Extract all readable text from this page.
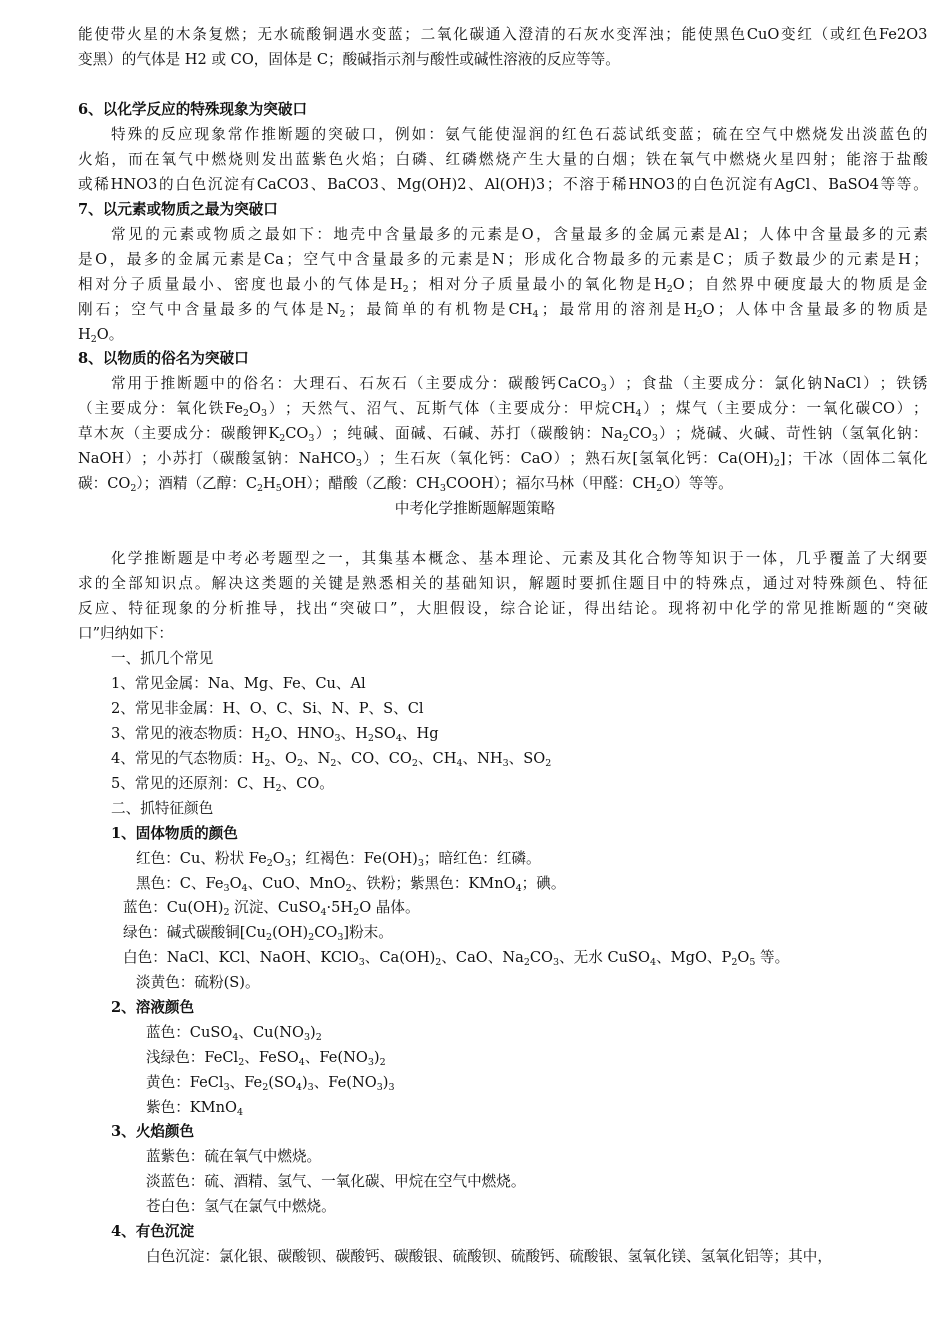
能 使 带 火 星 的 木 条 复 燃 ； 无 水 硫 酸 铜 遇 水 变 蓝 ； 二 氧 化 碳 通 入 澄 清 的 石 灰 水 变 浑 浊 ； 能 使 黑 色 CuO 变 红 （ 或 红 色 Fe2O3
变黑）的气体是 H2 或 CO，固体是 C；酸碱指示剂与酸性或碱性溶液的反应等等。
6、以化学反应的特殊现象为突破口
特 殊 的 反 应 现 象 常 作 推 断 题 的 突 破 口 ， 例 如 ： 氨 气 能 使 湿 润 的 红 色 石 蕊 试 纸 变 蓝 ； 硫 在 空 气 中 燃 烧 发 出 淡 蓝 色 的
火 焰 ， 而 在 氧 气 中 燃 烧 则 发 出 蓝 紫 色 火 焰 ； 白 磷 、 红 磷 燃 烧 产 生 大 量 的 白 烟 ； 铁 在 氧 气 中 燃 烧 火 星 四 射 ； 能 溶 于 盐 酸
或 稀 HNO3 的 白 色 沉 淀 有 CaCO3 、 BaCO3 、 Mg(OH)2 、 Al(OH)3 ； 不 溶 于 稀 HNO3 的 白 色 沉 淀 有 AgCl 、 BaSO4 等 等 。
7、以元素或物质之最为突破口
常 见 的 元 素 或 物 质 之 最 如 下 ： 地 壳 中 含 量 最 多 的 元 素 是 O ， 含 量 最 多 的 金 属 元 素 是 Al ； 人 体 中 含 量 最 多 的 元 素
是 O ， 最 多 的 金 属 元 素 是 Ca ； 空 气 中 含 量 最 多 的 元 素 是 N ； 形 成 化 合 物 最 多 的 元 素 是 C ； 质 子 数 最 少 的 元 素 是 H ；
相 对 分 子 质 量 最 小 、 密 度 也 最 小 的 气 体 是 $H_2$ ； 相 对 分 子 质 量 最 小 的 氧 化 物 是 $H_2O$ ； 自 然 界 中 硬 度 最 大 的 物 质 是 金
刚 石 ； 空 气 中 含 量 最 多 的 气 体 是 $N_2$ ； 最 简 单 的 有 机 物 是 $CH_4$ ； 最 常 用 的 溶 剂 是 $H_2O$ ； 人 体 中 含 量 最 多 的 物 质 是
$H_2O$。
8、以物质的俗名为突破口
常 用 于 推 断 题 中 的 俗 名 ： 大 理 石 、 石 灰 石 （ 主 要 成 分 ： 碳 酸 钙 CaCO$_3$ ） ； 食 盐 （ 主 要 成 分 ： 氯 化 钠 NaCl ） ； 铁 锈
（ 主 要 成 分 ： 氧 化 铁 $Fe_2O_3$ ） ； 天 然 气 、 沼 气 、 瓦 斯 气 体 （ 主 要 成 分 ： 甲 烷 $CH_4$ ） ； 煤 气 （ 主 要 成 分 ： 一 氧 化 碳 CO ） ；
草 木 灰 （ 主 要 成 分 ： 碳 酸 钾 $K_2CO_3$ ） ； 纯 碱 、 面 碱 、 石 碱 、 苏 打 （ 碳 酸 钠 ： $Na_2CO_3$ ） ； 烧 碱 、 火 碱 、 苛 性 钠 （ 氢 氧 化 钠 ：
NaOH ） ； 小 苏 打 （ 碳 酸 氢 钠 ： NaHCO$_3$ ） ； 生 石 灰 （ 氧 化 钙 ： CaO ） ； 熟 石 灰 [ 氢 氧 化 钙 ： $Ca(OH)_2$] ； 干 冰 （ 固 体 二 氧 化
碳：$CO_2$）；酒精（乙醇：$C_2H_5OH$）；醋酸（乙酸：$CH_3COOH$）；福尔马林（甲醛：$CH_2O$）等等。
中考化学推断题解题策略
化 学 推 断 题 是 中 考 必 考 题 型 之 一 ， 其 集 基 本 概 念 、 基 本 理 论 、 元 素 及 其 化 合 物 等 知 识 于 一 体 ， 几 乎 覆 盖 了 大 纲 要
求 的 全 部 知 识 点 。 解 决 这 类 题 的 关 键 是 熟 悉 相 关 的 基 础 知 识 ， 解 题 时 要 抓 住 题 目 中 的 特 殊 点 ， 通 过 对 特 殊 颜 色 、 特 征
反 应 、 特 征 现 象 的 分 析 推 导 ， 找 出 “ 突 破 口 ” ， 大 胆 假 设 ， 综 合 论 证 ， 得 出 结 论 。 现 将 初 中 化 学 的 常 见 推 断 题 的 “ 突 破
口”归纳如下：
一、抓几个常见
1、常见金属：Na、Mg、Fe、Cu、Al
2、常见非金属：H、O、C、Si、N、P、S、Cl
3、常见的液态物质：$H_2O$、$HNO_3$、$H_2SO_4$、Hg
4、常见的气态物质：$H_2$、$O_2$、$N_2$、CO、$CO_2$、$CH_4$、$NH_3$、$SO_2$
5、常见的还原剂：C、$H_2$、CO。
二、抓特征颜色
1、固体物质的颜色
红色：Cu、粉状 $Fe_2O_3$；红褐色：$Fe(OH)_3$；暗红色：红磷。
黑色：C、$Fe_3O_4$、CuO、MnO$_2$、铁粉；紫黑色：KMnO$_4$；碘。
蓝色：$Cu(OH)_2$ 沉淀、$CuSO_4\cdot 5H_2O$ 晶体。
绿色：碱式碳酸铜$[Cu_2(OH)_2CO_3]$粉末。
白色：NaCl、KCl、NaOH、KClO$_3$、$Ca(OH)_2$、CaO、$Na_2CO_3$、无水 CuSO$_4$、MgO、$P_2O_5$ 等。
淡黄色：硫粉(S)。
2、溶液颜色
蓝色：CuSO$_4$、$Cu(NO_3)_2$
浅绿色：FeCl$_2$、FeSO$_4$、$Fe(NO_3)_2$
黄色：FeCl$_3$、$Fe_2(SO_4)_3$、$Fe(NO_3)_3$
紫色：KMnO$_4$
3、火焰颜色
蓝紫色：硫在氧气中燃烧。
淡蓝色：硫、酒精、氢气、一氧化碳、甲烷在空气中燃烧。
苍白色：氢气在氯气中燃烧。
4、有色沉淀
白色沉淀：氯化银、碳酸钡、碳酸钙、碳酸银、硫酸钡、硫酸钙、硫酸银、氢氧化镁、氢氧化铝等；其中，
